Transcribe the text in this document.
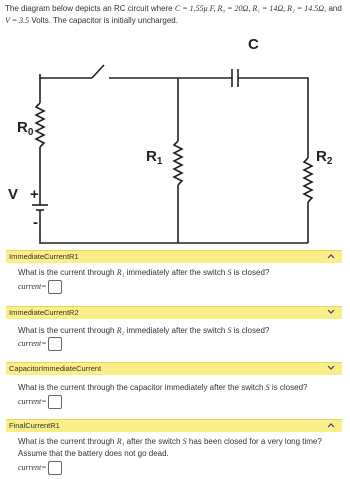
The diagram below depicts an RC circuit where C = 1.55μ F, R₀ = 20Ω, R₁ = 14Ω, R₂ = 14.5Ω, and V = 3.5 Volts. The capacitor is initially uncharged.
C
$R_0$
$R_1$	$R_2$
V +
-
ImmediateCurrentR1
What is the current through R₁ immediately after the switch S is closed?
current=
ImmediateCurrentR2
What is the current through R₂ immediately after the switch S is closed?
current=
CapacitorImmediateCurrent
What is the current through the capacitor immediately after the switch S is closed?
current=
FinalCurrentR1
What is the current through R₁ after the switch S has been closed for a very long time? Assume that the battery does not go dead.
current=
